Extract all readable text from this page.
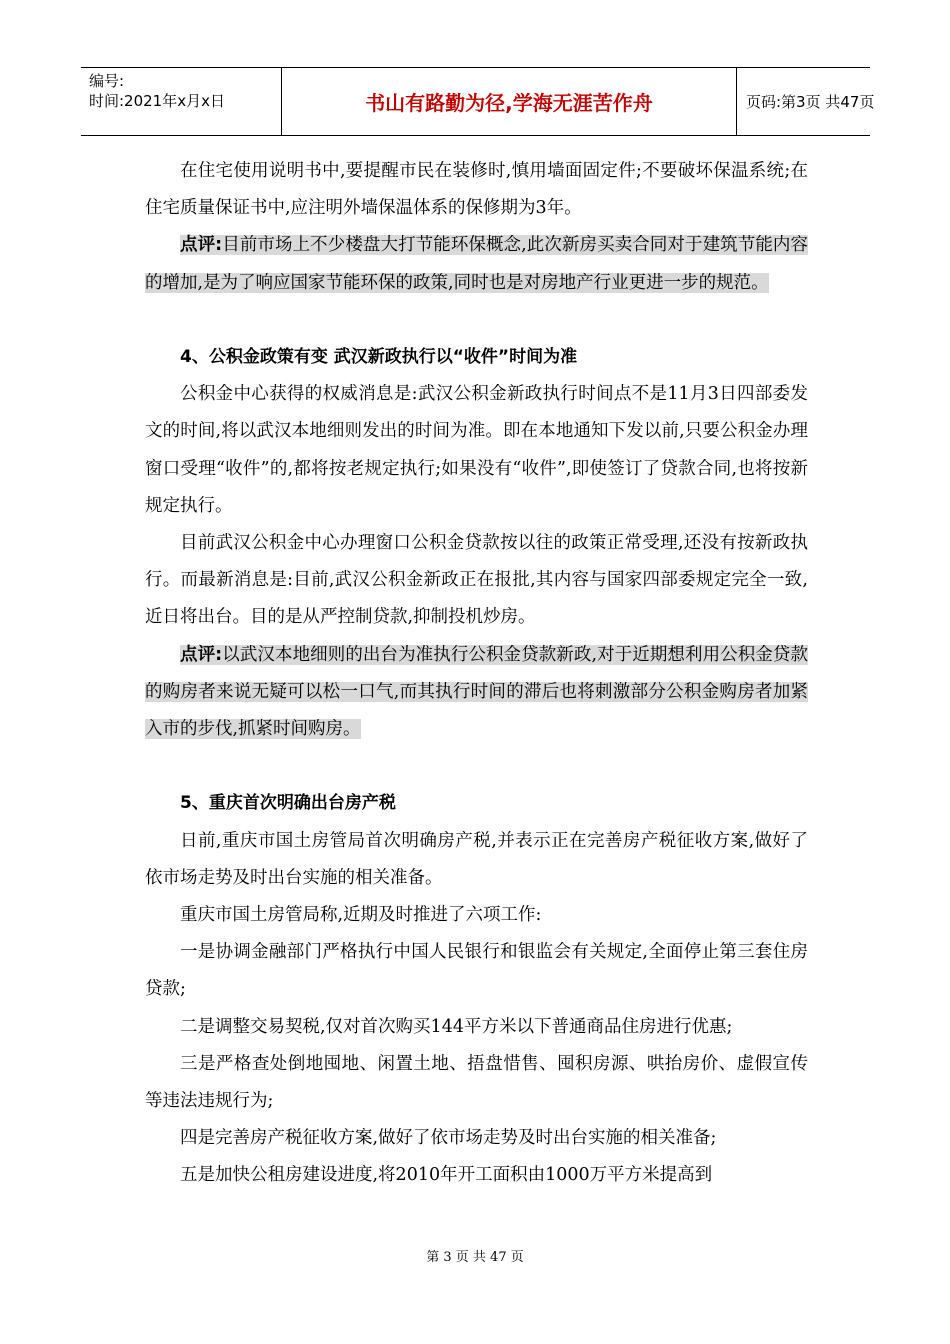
编号:
时间:2021年x月x日	书山有路勤为径,学海无涯苦作舟	页码:第3页 共47页

在住宅使用说明书中,要提醒市民在装修时,慎用墙面固定件;不要破坏保温系统;在住宅质量保证书中,应注明外墙保温体系的保修期为3年。

点评:目前市场上不少楼盘大打节能环保概念,此次新房买卖合同对于建筑节能内容的增加,是为了响应国家节能环保的政策,同时也是对房地产行业更进一步的规范。

4、公积金政策有变 武汉新政执行以“收件”时间为准

公积金中心获得的权威消息是:武汉公积金新政执行时间点不是11月3日四部委发文的时间,将以武汉本地细则发出的时间为准。即在本地通知下发以前,只要公积金办理窗口受理“收件”的,都将按老规定执行;如果没有“收件”,即使签订了贷款合同,也将按新规定执行。

目前武汉公积金中心办理窗口公积金贷款按以往的政策正常受理,还没有按新政执行。而最新消息是:目前,武汉公积金新政正在报批,其内容与国家四部委规定完全一致,近日将出台。目的是从严控制贷款,抑制投机炒房。

点评:以武汉本地细则的出台为准执行公积金贷款新政,对于近期想利用公积金贷款的购房者来说无疑可以松一口气,而其执行时间的滞后也将刺激部分公积金购房者加紧入市的步伐,抓紧时间购房。

5、重庆首次明确出台房产税

日前,重庆市国土房管局首次明确房产税,并表示正在完善房产税征收方案,做好了依市场走势及时出台实施的相关准备。

重庆市国土房管局称,近期及时推进了六项工作:

一是协调金融部门严格执行中国人民银行和银监会有关规定,全面停止第三套住房贷款;

二是调整交易契税,仅对首次购买144平方米以下普通商品住房进行优惠;

三是严格查处倒地囤地、闲置土地、捂盘惜售、囤积房源、哄抬房价、虚假宣传等违法违规行为;

四是完善房产税征收方案,做好了依市场走势及时出台实施的相关准备;

五是加快公租房建设进度,将2010年开工面积由1000万平方米提高到

第 3 页 共 47 页
